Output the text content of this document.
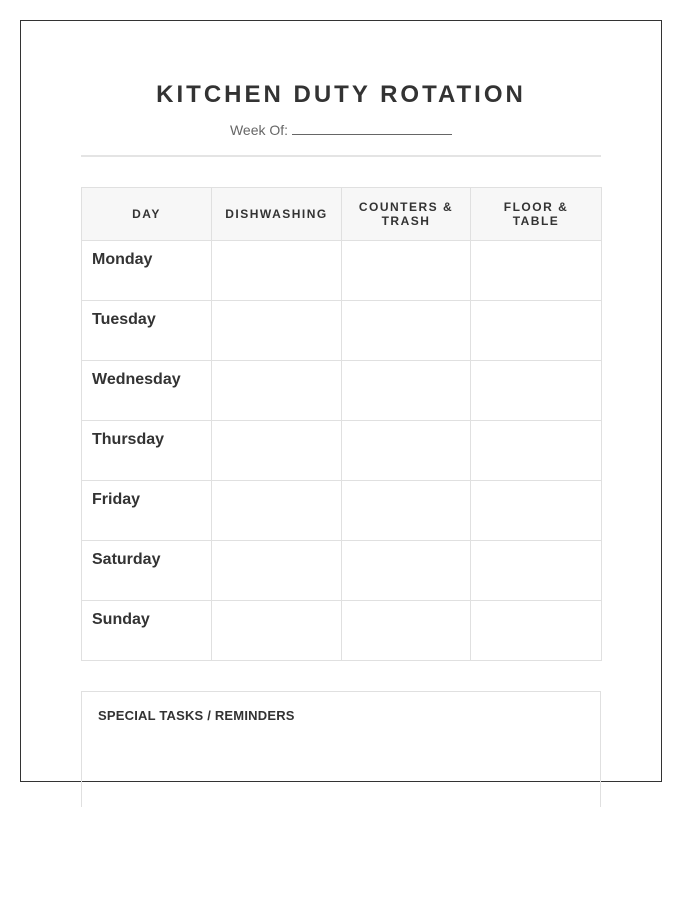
KITCHEN DUTY ROTATION
Week Of:
DAY	DISHWASHING	COUNTERS & TRASH	FLOOR & TABLE

Monday			
Tuesday			
Wednesday			
Thursday			
Friday			
Saturday			
Sunday			
SPECIAL TASKS / REMINDERS
